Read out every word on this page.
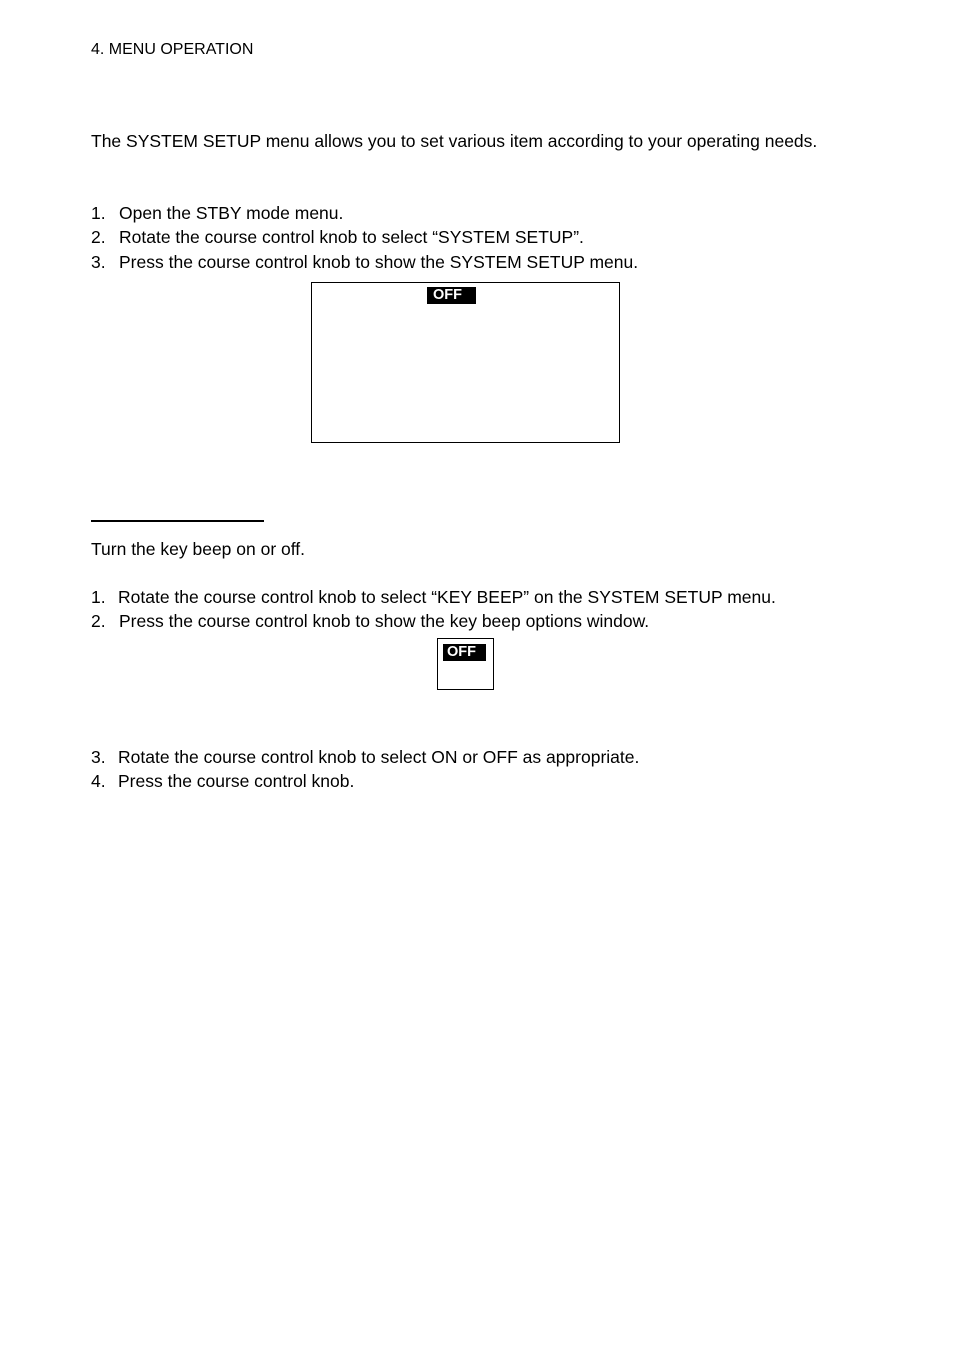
4. MENU OPERATION
The SYSTEM SETUP menu allows you to set various item according to your operating needs.
1. Open the STBY mode menu.
2. Rotate the course control knob to select “SYSTEM SETUP”.
3. Press the course control knob to show the SYSTEM SETUP menu.
OFF
Turn the key beep on or off.
1. Rotate the course control knob to select “KEY BEEP” on the SYSTEM SETUP menu.
2. Press the course control knob to show the key beep options window.
OFF
3. Rotate the course control knob to select ON or OFF as appropriate.
4. Press the course control knob.
